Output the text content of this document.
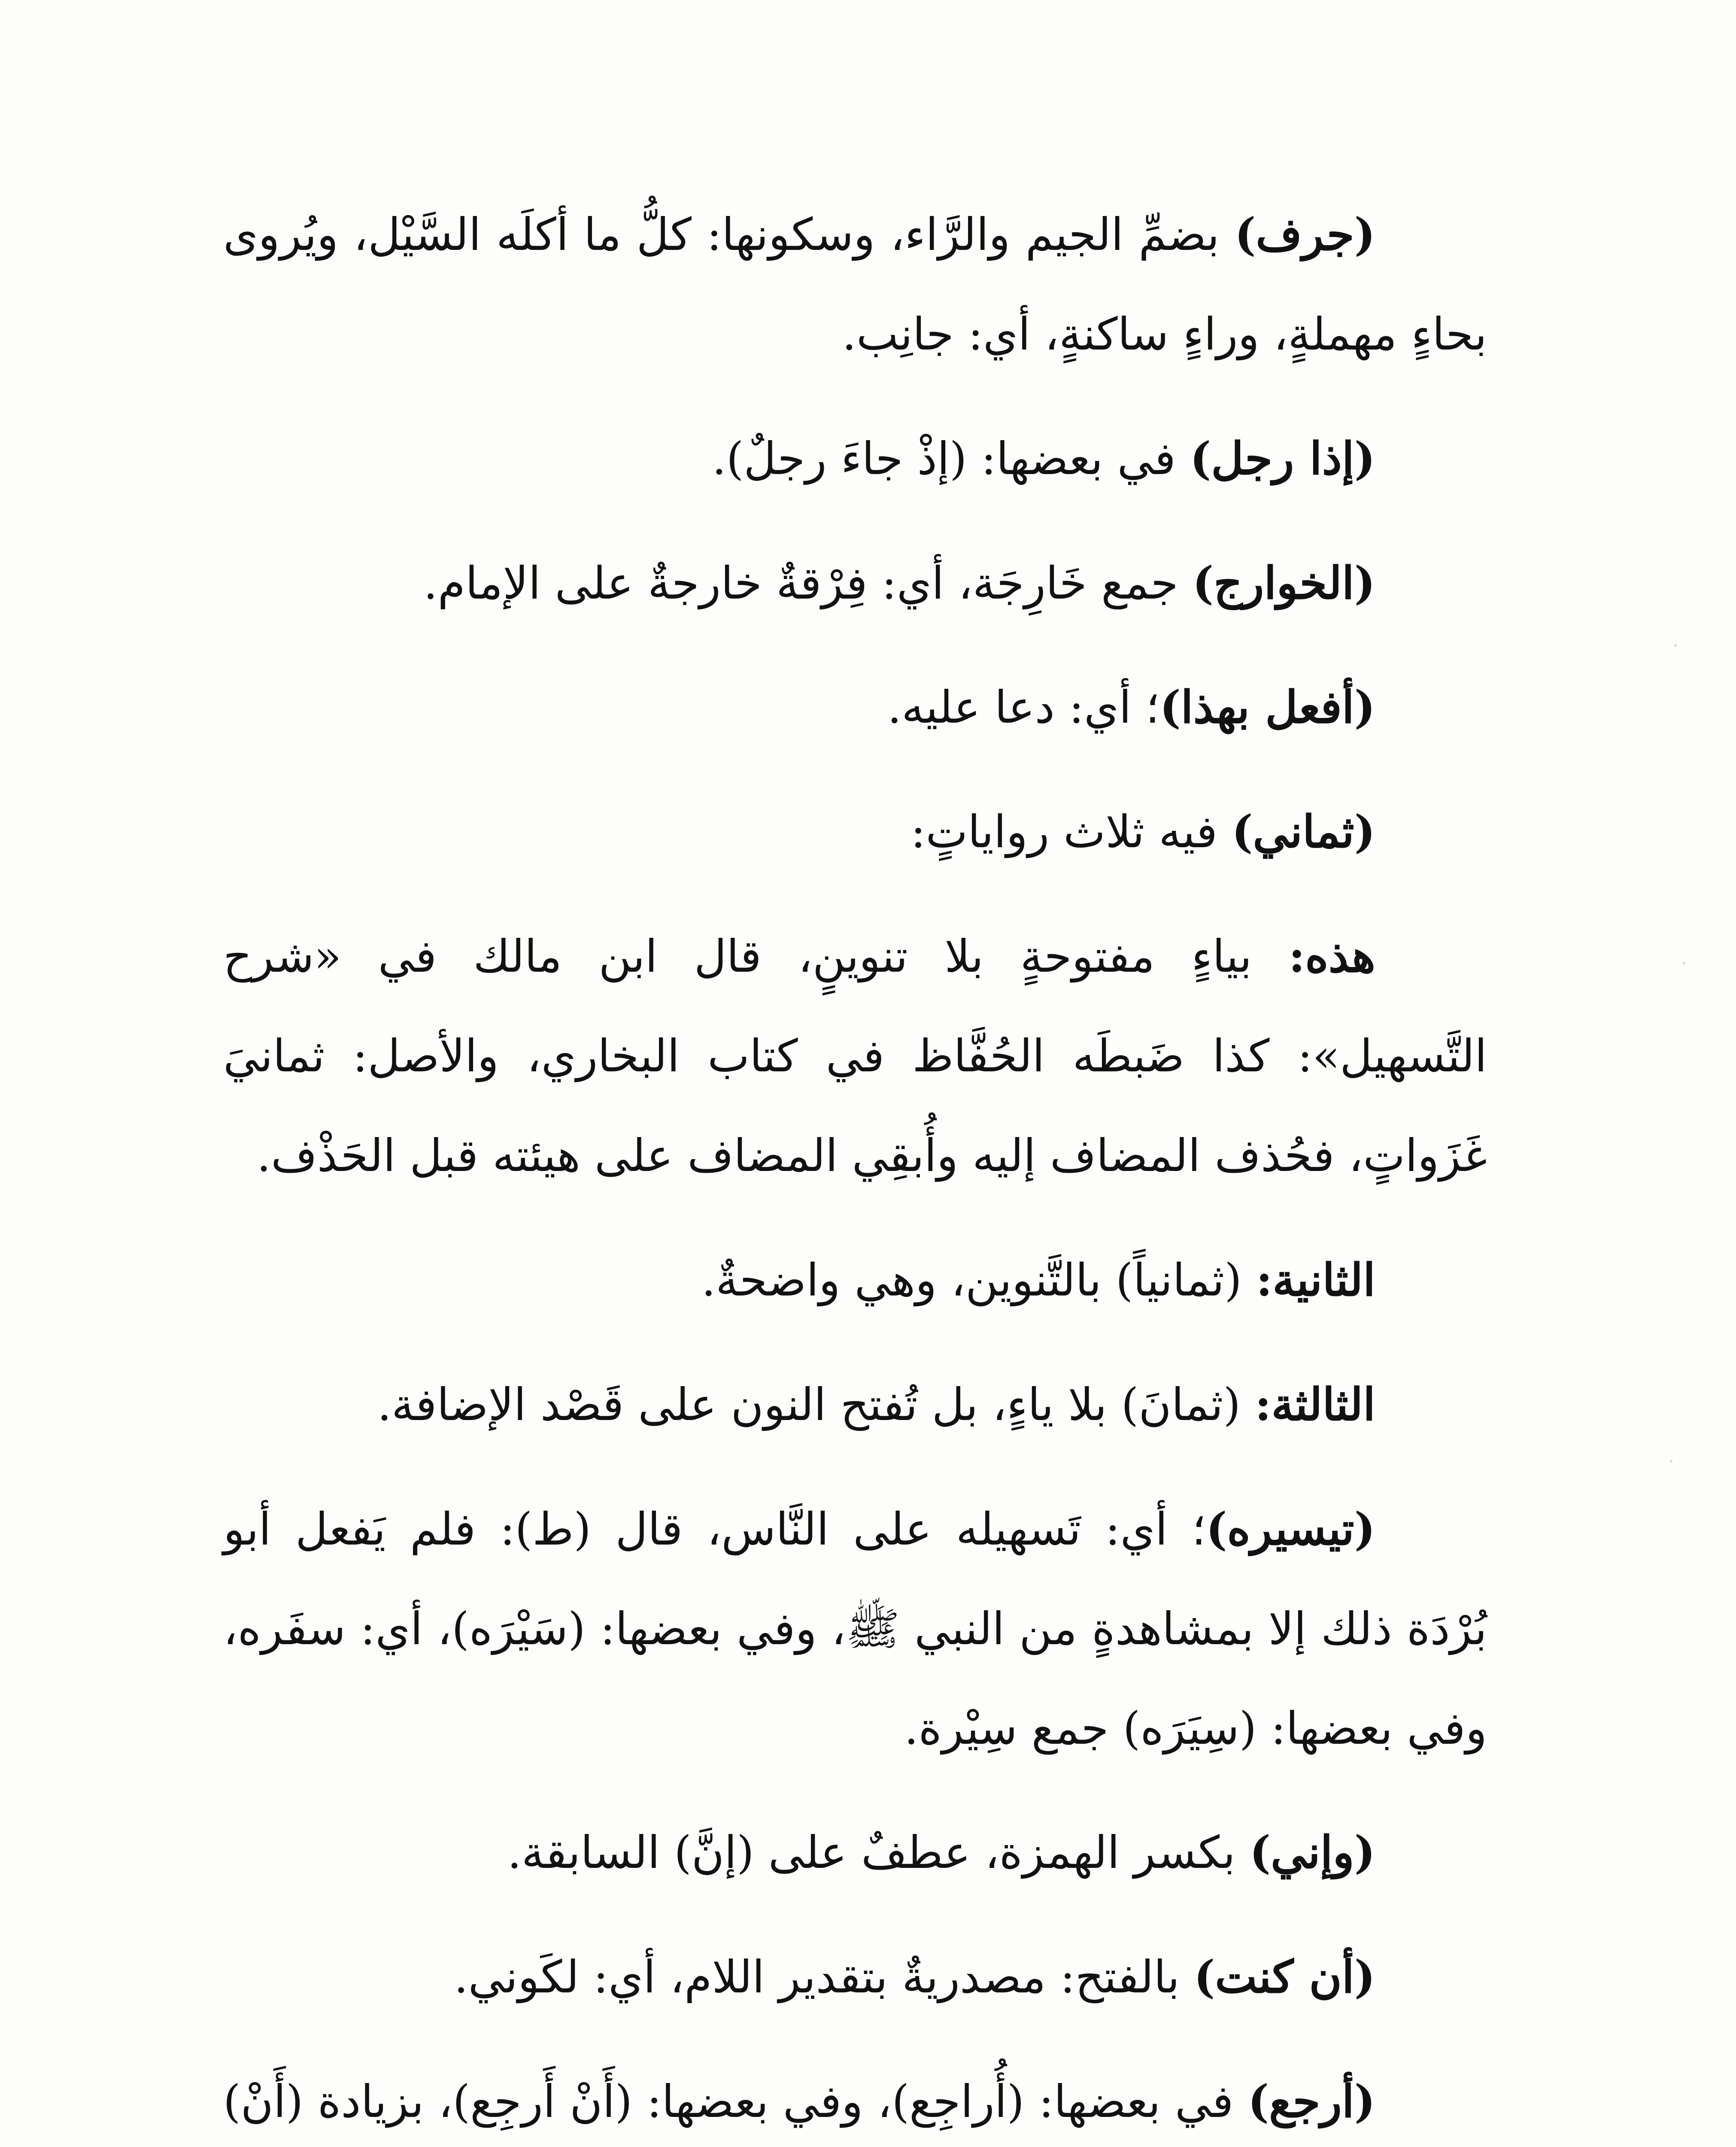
(جرف) بضمِّ الجيم والرَّاء، وسكونها: كلُّ ما أكلَه السَّيْل، ويُروى بحاءٍ مهملةٍ، وراءٍ ساكنةٍ، أي: جانِب.

(إذا رجل) في بعضها: (إذْ جاءَ رجلٌ).

(الخوارج) جمع خَارِجَة، أي: فِرْقةٌ خارجةٌ على الإمام.

(أفعل بهذا)؛ أي: دعا عليه.

(ثماني) فيه ثلاث رواياتٍ:

هذه: بياءٍ مفتوحةٍ بلا تنوينٍ، قال ابن مالك في «شرح التَّسهيل»: كذا ضَبطَه الحُفَّاظ في كتاب البخاري، والأصل: ثمانيَ غَزَواتٍ، فحُذف المضاف إليه وأُبقِي المضاف على هيئته قبل الحَذْف.

الثانية: (ثمانياً) بالتَّنوين، وهي واضحةٌ.

الثالثة: (ثمانَ) بلا ياءٍ، بل تُفتح النون على قَصْد الإضافة.

(تيسيره)؛ أي: تَسهيله على النَّاس، قال (ط): فلم يَفعل أبو بُرْدَة ذلك إلا بمشاهدةٍ من النبي ﷺ، وفي بعضها: (سَيْرَه)، أي: سفَره، وفي بعضها: (سِيَرَه) جمع سِيْرة.

(وإني) بكسر الهمزة، عطفٌ على (إنَّ) السابقة.

(أن كنت) بالفتح: مصدريةٌ بتقدير اللام، أي: لكَوني.

(أرجع) في بعضها: (أُراجِع)، وفي بعضها: (أَنْ أَرجِع)، بزيادة (أَنْ)
